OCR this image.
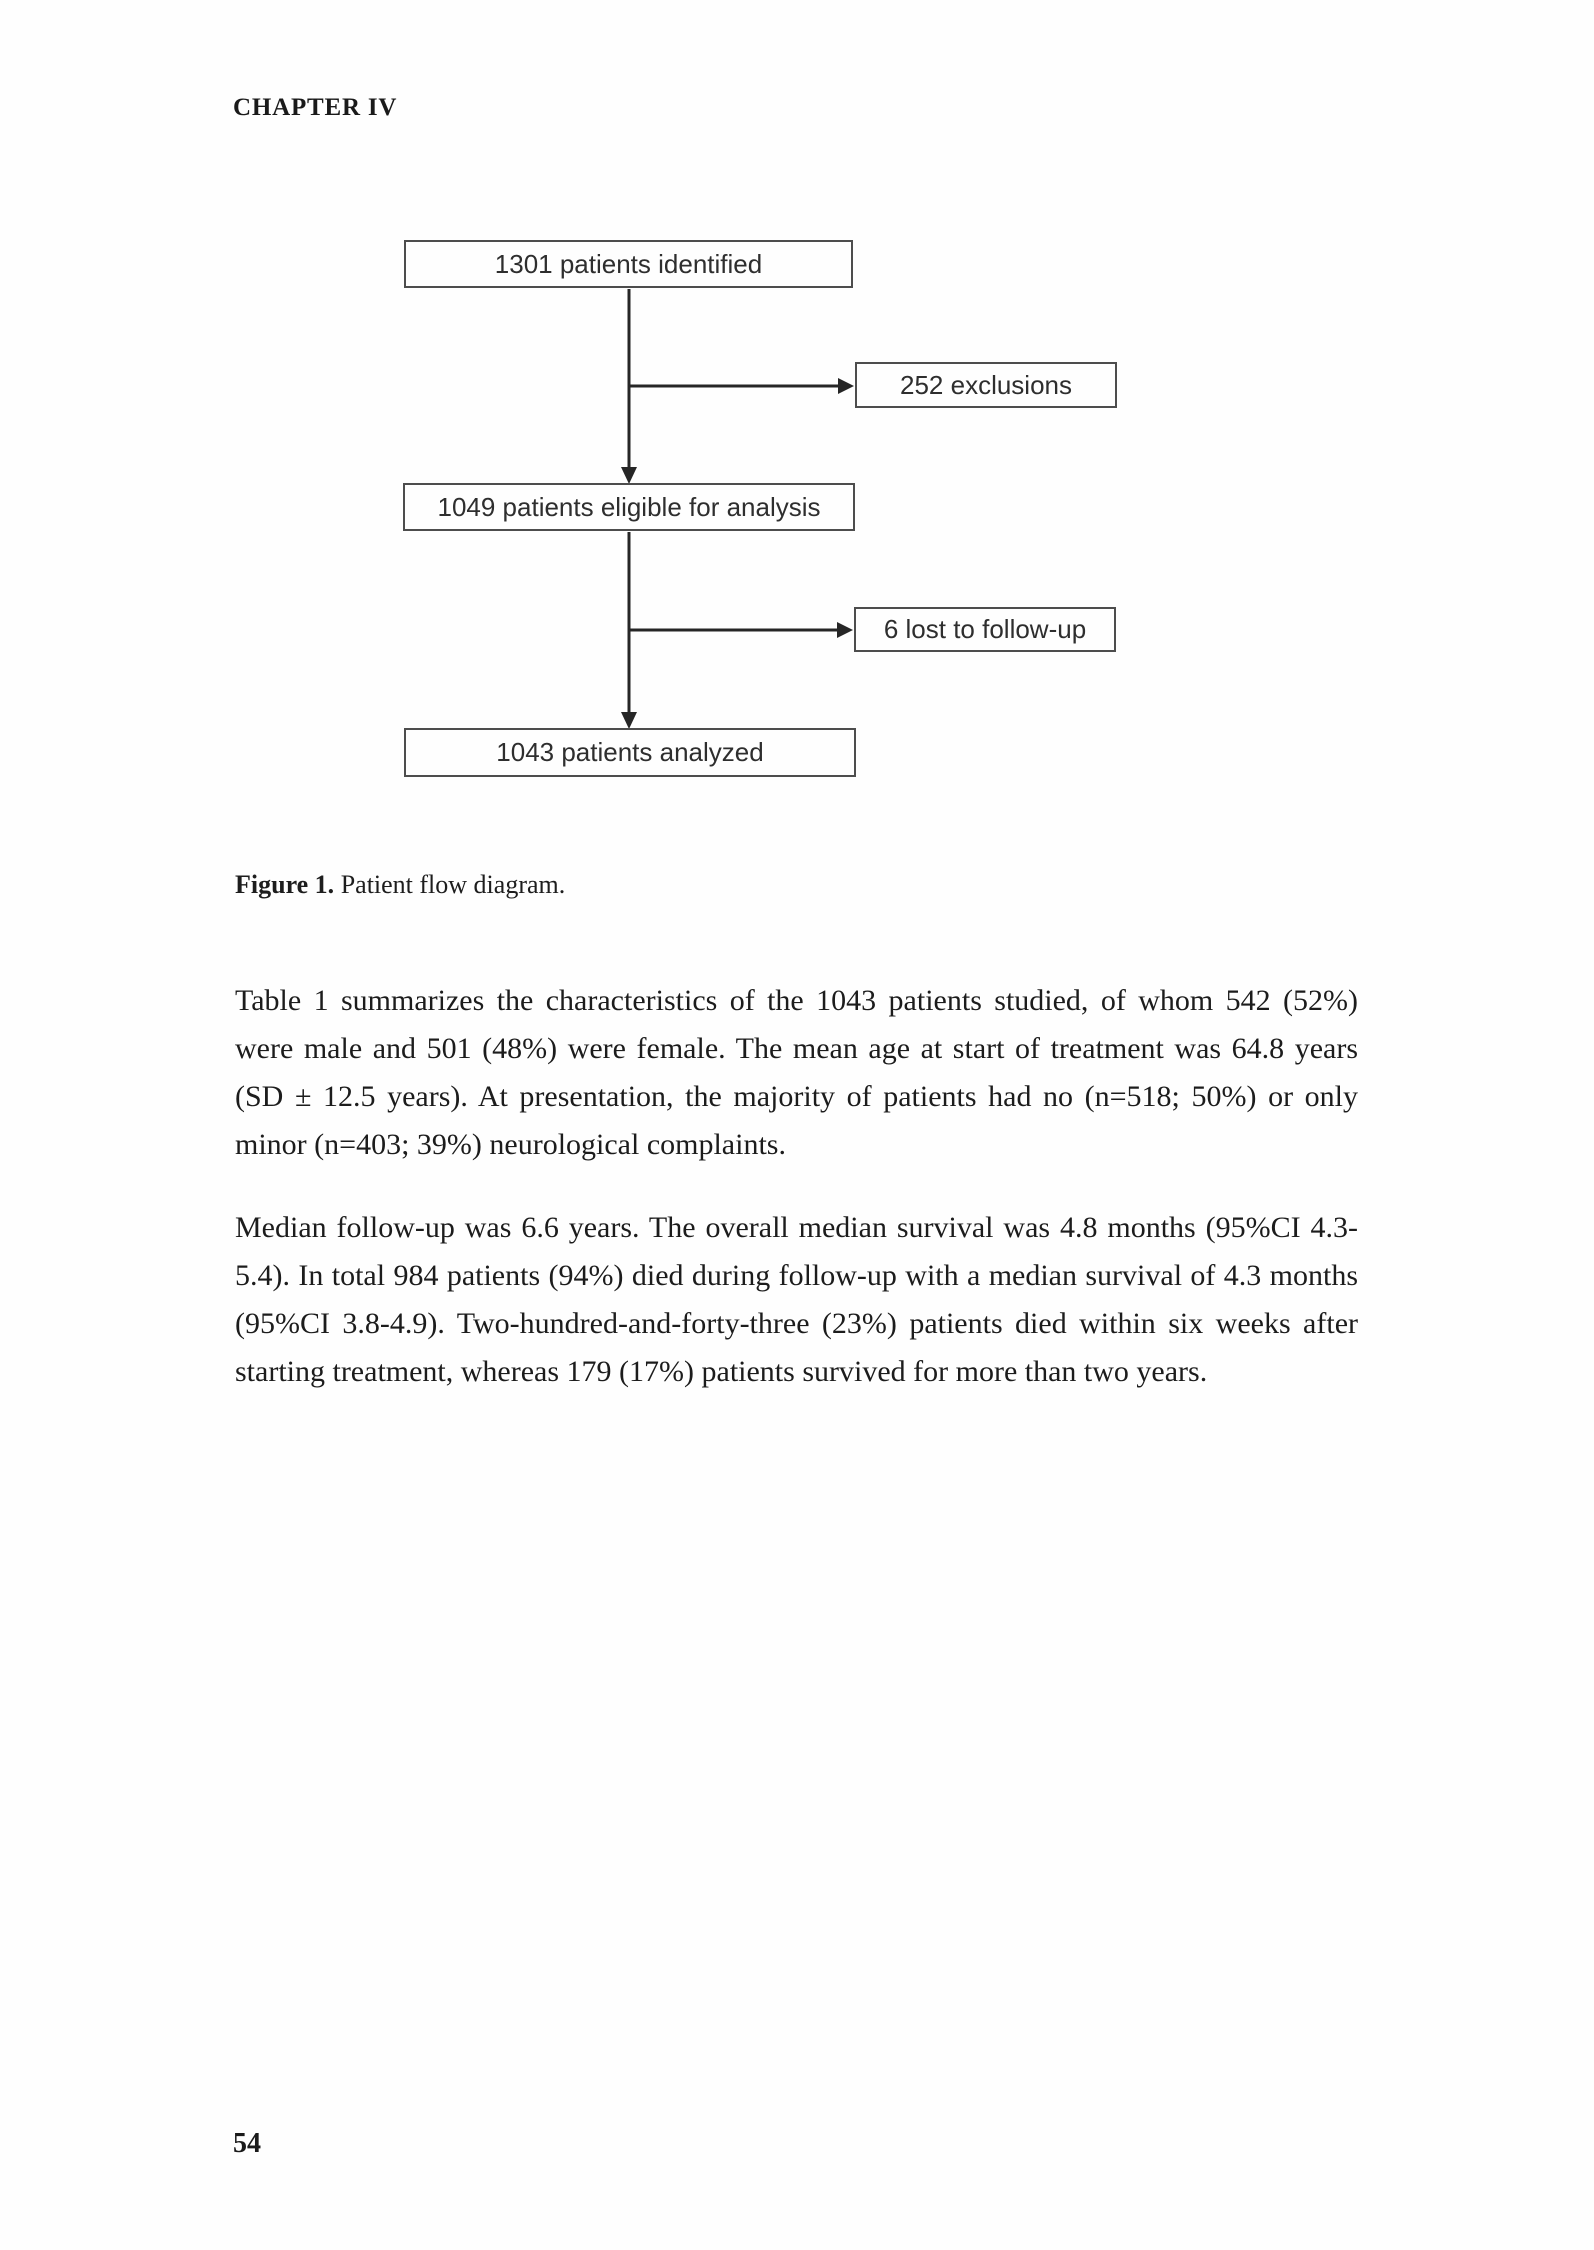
CHAPTER IV
1301 patients identified
252 exclusions
1049 patients eligible for analysis
6 lost to follow-up
1043 patients analyzed
Figure 1. Patient flow diagram.

Table 1 summarizes the characteristics of the 1043 patients studied, of whom 542 (52%) were male and 501 (48%) were female. The mean age at start of treatment was 64.8 years (SD ± 12.5 years). At presentation, the majority of patients had no (n=518; 50%) or only minor (n=403; 39%) neurological complaints.

Median follow-up was 6.6 years. The overall median survival was 4.8 months (95%CI 4.3-5.4). In total 984 patients (94%) died during follow-up with a median survival of 4.3 months (95%CI 3.8-4.9). Two-hundred-and-forty-three (23%) patients died within six weeks after starting treatment, whereas 179 (17%) patients survived for more than two years.

54
